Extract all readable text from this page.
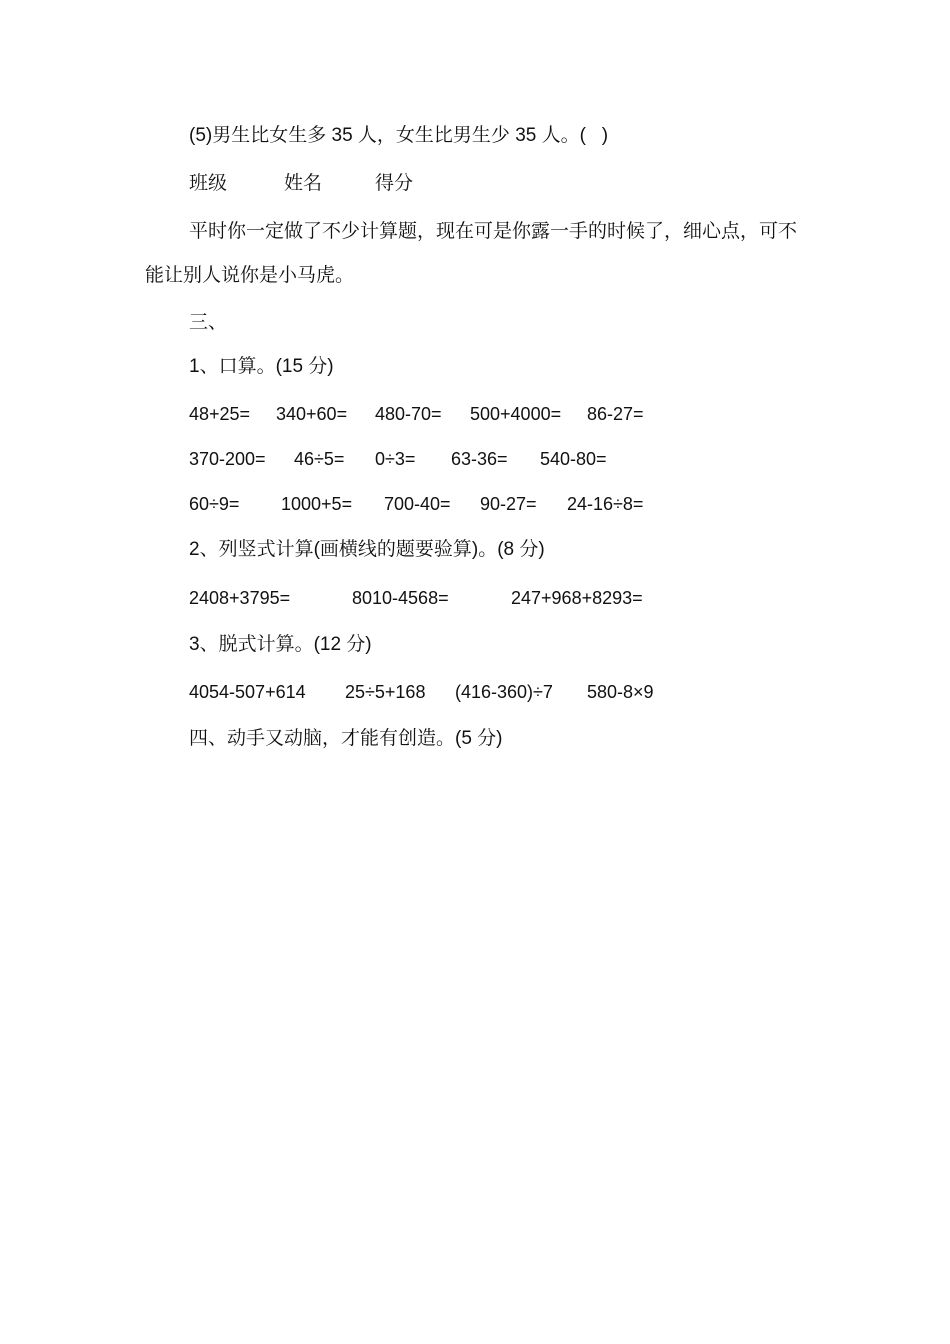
(5)男生比女生多 35 人，女生比男生少 35 人。(   )
班级	姓名	得分
平时你一定做了不少计算题，现在可是你露一手的时候了，细心点，可不能让别人说你是小马虎。
三、
1、口算。(15 分)
48+25= 340+60= 480-70= 500+4000= 86-27=
370-200= 46÷5= 0÷3= 63-36= 540-80=
60÷9= 1000+5= 700-40= 90-27= 24-16÷8=
2、列竖式计算(画横线的题要验算)。(8 分)
2408+3795=	8010-4568=	247+968+8293=
3、脱式计算。(12 分)
4054-507+614 25÷5+168 (416-360)÷7 580-8×9
四、动手又动脑，才能有创造。(5 分)
